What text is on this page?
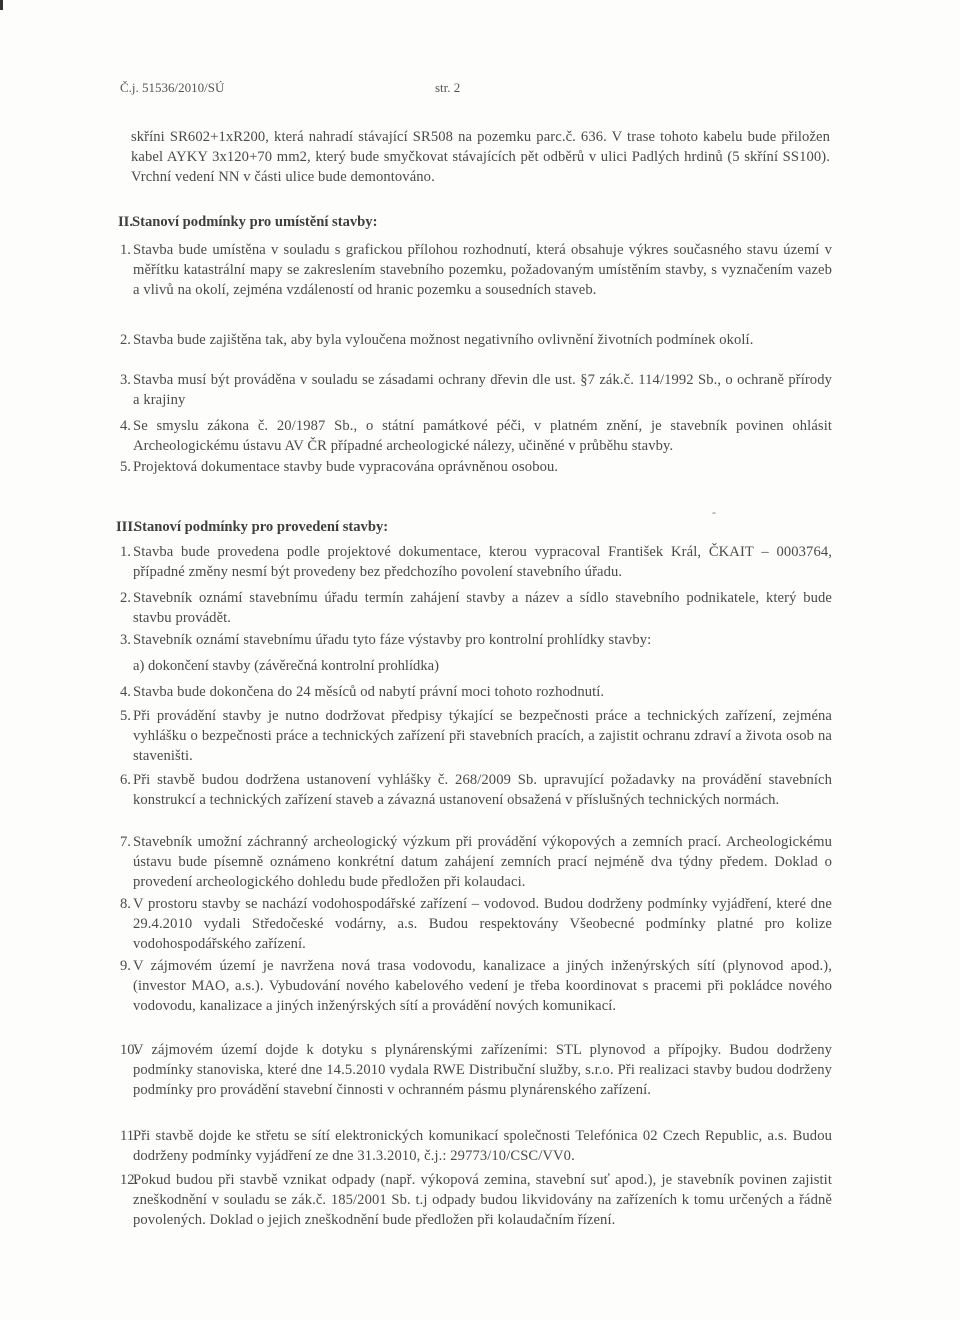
Č.j. 51536/2010/SÚ	str. 2
skříni SR602+1xR200, která nahradí stávající SR508 na pozemku parc.č. 636. V trase tohoto kabelu bude přiložen kabel AYKY 3x120+70 mm2, který bude smyčkovat stávajících pět odběrů v ulici Padlých hrdinů (5 skříní SS100). Vrchní vedení NN v části ulice bude demontováno.
II.
Stanoví podmínky pro umístění stavby:
1. Stavba bude umístěna v souladu s grafickou přílohou rozhodnutí, která obsahuje výkres současného stavu území v měřítku katastrální mapy se zakreslením stavebního pozemku, požadovaným umístěním stavby, s vyznačením vazeb a vlivů na okolí, zejména vzdáleností od hranic pozemku a sousedních staveb.
2. Stavba bude zajištěna tak, aby byla vyloučena možnost negativního ovlivnění životních podmínek okolí.
3. Stavba musí být prováděna v souladu se zásadami ochrany dřevin dle ust. §7 zák.č. 114/1992 Sb., o ochraně přírody a krajiny
4. Se smyslu zákona č. 20/1987 Sb., o státní památkové péči, v platném znění, je stavebník povinen ohlásit Archeologickému ústavu AV ČR případné archeologické nálezy, učiněné v průběhu stavby.
5. Projektová dokumentace stavby bude vypracována oprávněnou osobou.
-
III.
Stanoví podmínky pro provedení stavby:
1. Stavba bude provedena podle projektové dokumentace, kterou vypracoval František Král, ČKAIT – 0003764, případné změny nesmí být provedeny bez předchozího povolení stavebního úřadu.
2. Stavebník oznámí stavebnímu úřadu termín zahájení stavby a název a sídlo stavebního podnikatele, který bude stavbu provádět.
3. Stavebník oznámí stavebnímu úřadu tyto fáze výstavby pro kontrolní prohlídky stavby:
a) dokončení stavby (závěrečná kontrolní prohlídka)
4. Stavba bude dokončena do 24 měsíců od nabytí právní moci tohoto rozhodnutí.
5. Při provádění stavby je nutno dodržovat předpisy týkající se bezpečnosti práce a technických zařízení, zejména vyhlášku o bezpečnosti práce a technických zařízení při stavebních pracích, a zajistit ochranu zdraví a života osob na staveništi.
6. Při stavbě budou dodržena ustanovení vyhlášky č. 268/2009 Sb. upravující požadavky na provádění stavebních konstrukcí a technických zařízení staveb a závazná ustanovení obsažená v příslušných technických normách.
7. Stavebník umožní záchranný archeologický výzkum při provádění výkopových a zemních prací. Archeologickému ústavu bude písemně oznámeno konkrétní datum zahájení zemních prací nejméně dva týdny předem. Doklad o provedení archeologického dohledu bude předložen při kolaudaci.
8. V prostoru stavby se nachází vodohospodářské zařízení – vodovod. Budou dodrženy podmínky vyjádření, které dne 29.4.2010 vydali Středočeské vodárny, a.s. Budou respektovány Všeobecné podmínky platné pro kolize vodohospodářského zařízení.
9. V zájmovém území je navržena nová trasa vodovodu, kanalizace a jiných inženýrských sítí (plynovod apod.), (investor MAO, a.s.). Vybudování nového kabelového vedení je třeba koordinovat s pracemi při pokládce nového vodovodu, kanalizace a jiných inženýrských sítí a provádění nových komunikací.
10.
V zájmovém území dojde k dotyku s plynárenskými zařízeními: STL plynovod a přípojky. Budou dodrženy podmínky stanoviska, které dne 14.5.2010 vydala RWE Distribuční služby, s.r.o. Při realizaci stavby budou dodrženy podmínky pro provádění stavební činnosti v ochranném pásmu plynárenského zařízení.
11.
Při stavbě dojde ke střetu se sítí elektronických komunikací společnosti Telefónica 02 Czech Republic, a.s. Budou dodrženy podmínky vyjádření ze dne 31.3.2010, č.j.: 29773/10/CSC/VV0.
12.
Pokud budou při stavbě vznikat odpady (např. výkopová zemina, stavební suť apod.), je stavebník povinen zajistit zneškodnění v souladu se zák.č. 185/2001 Sb. t.j odpady budou likvidovány na zařízeních k tomu určených a řádně povolených. Doklad o jejich zneškodnění bude předložen při kolaudačním řízení.
